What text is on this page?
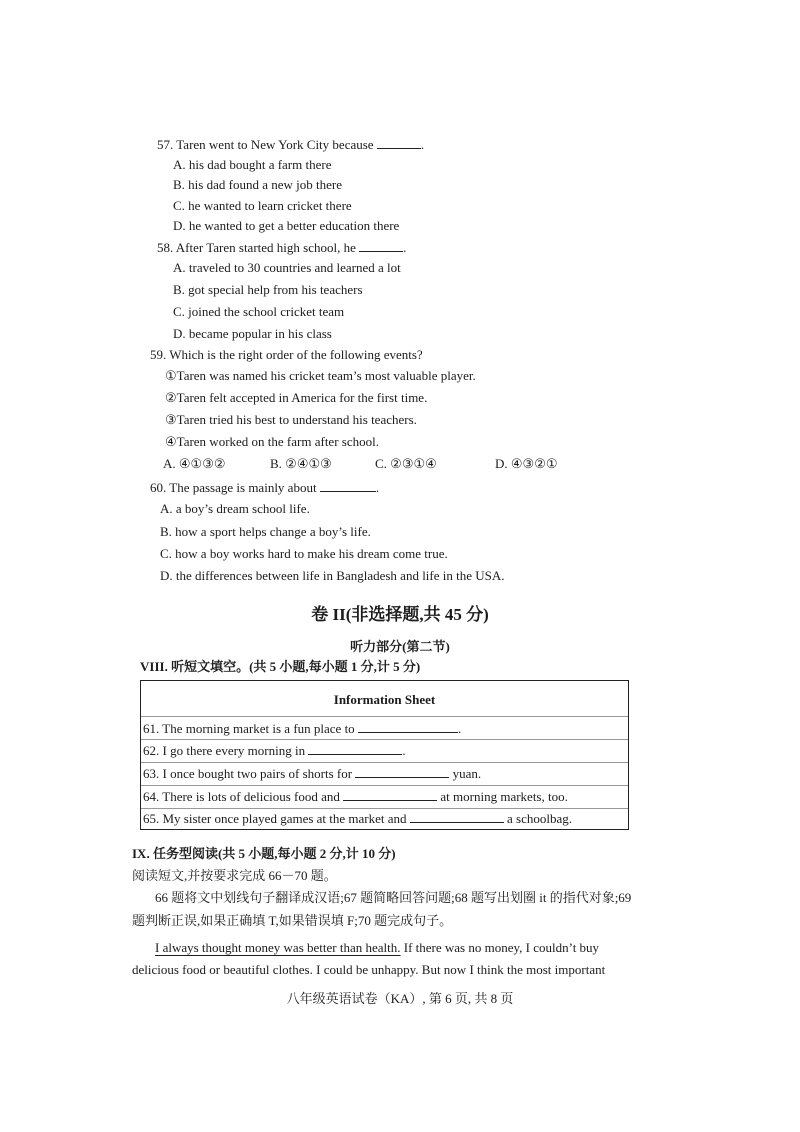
57. Taren went to New York City because	.
A. his dad bought a farm there
B. his dad found a new job there
C. he wanted to learn cricket there
D. he wanted to get a better education there
58. After Taren started high school, he	.
A. traveled to 30 countries and learned a lot
B. got special help from his teachers
C. joined the school cricket team
D. became popular in his class
59. Which is the right order of the following events?
①Taren was named his cricket team’s most valuable player.
②Taren felt accepted in America for the first time.
③Taren tried his best to understand his teachers.
④Taren worked on the farm after school.
A. ④①③②	B. ②④①③	C. ②③①④	D. ④③②①
60. The passage is mainly about	.
A. a boy’s dream school life.
B. how a sport helps change a boy’s life.
C. how a boy works hard to make his dream come true.
D. the differences between life in Bangladesh and life in the USA.
卷 II(非选择题,共 45 分)
听力部分(第二节)
VIII. 听短文填空。(共 5 小题,每小题 1 分,计 5 分)
Information Sheet
61. The morning market is a fun place to	.
62. I go there every morning in	.
63. I once bought two pairs of shorts for	yuan.
64. There is lots of delicious food and	at morning markets, too.
65. My sister once played games at the market and	a schoolbag.
IX. 任务型阅读(共 5 小题,每小题 2 分,计 10 分)
阅读短文,并按要求完成 66－70 题。
66 题将文中划线句子翻译成汉语;67 题简略回答问题;68 题写出划圈 it 的指代对象;69
题判断正误,如果正确填 T,如果错误填 F;70 题完成句子。
I always thought money was better than health. If there was no money, I couldn’t buy
delicious food or beautiful clothes. I could be unhappy. But now I think the most important
八年级英语试卷（KA）, 第 6 页, 共 8 页
